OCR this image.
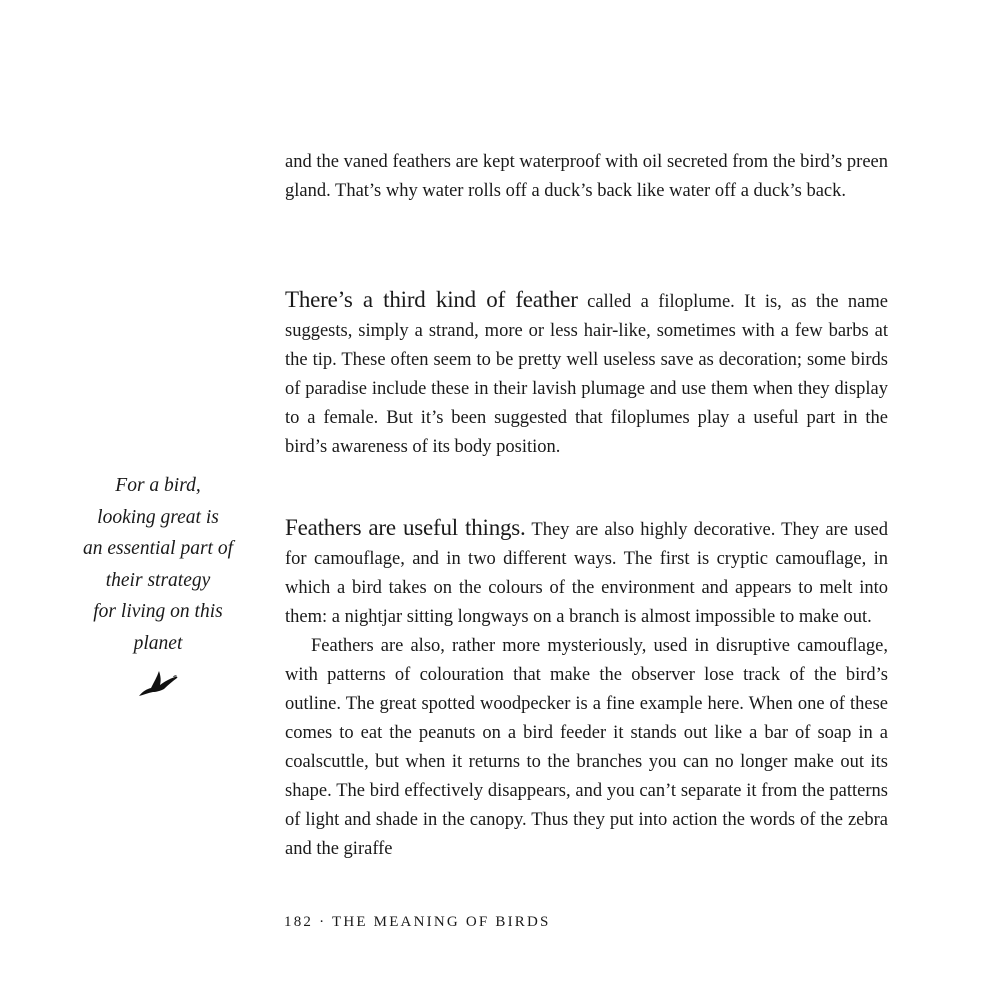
and the vaned feathers are kept waterproof with oil secreted from the bird’s preen gland. That’s why water rolls off a duck’s back like water off a duck’s back.

There’s a third kind of feather called a filoplume. It is, as the name suggests, simply a strand, more or less hair-like, sometimes with a few barbs at the tip. These often seem to be pretty well useless save as decoration; some birds of paradise include these in their lavish plumage and use them when they display to a female. But it’s been suggested that filoplumes play a useful part in the bird’s awareness of its body position.

Feathers are useful things. They are also highly decorative. They are used for camouflage, and in two different ways. The first is cryptic camouflage, in which a bird takes on the colours of the environment and appears to melt into them: a nightjar sitting longways on a branch is almost impossible to make out.

Feathers are also, rather more mysteriously, used in disruptive camouflage, with patterns of colouration that make the observer lose track of the bird’s outline. The great spotted woodpecker is a fine example here. When one of these comes to eat the peanuts on a bird feeder it stands out like a bar of soap in a coalscuttle, but when it returns to the branches you can no longer make out its shape. The bird effectively disappears, and you can’t separate it from the patterns of light and shade in the canopy. Thus they put into action the words of the zebra and the giraffe

For a bird,

looking great is

an essential part of

their strategy

for living on this

planet

182 · THE MEANING OF BIRDS
